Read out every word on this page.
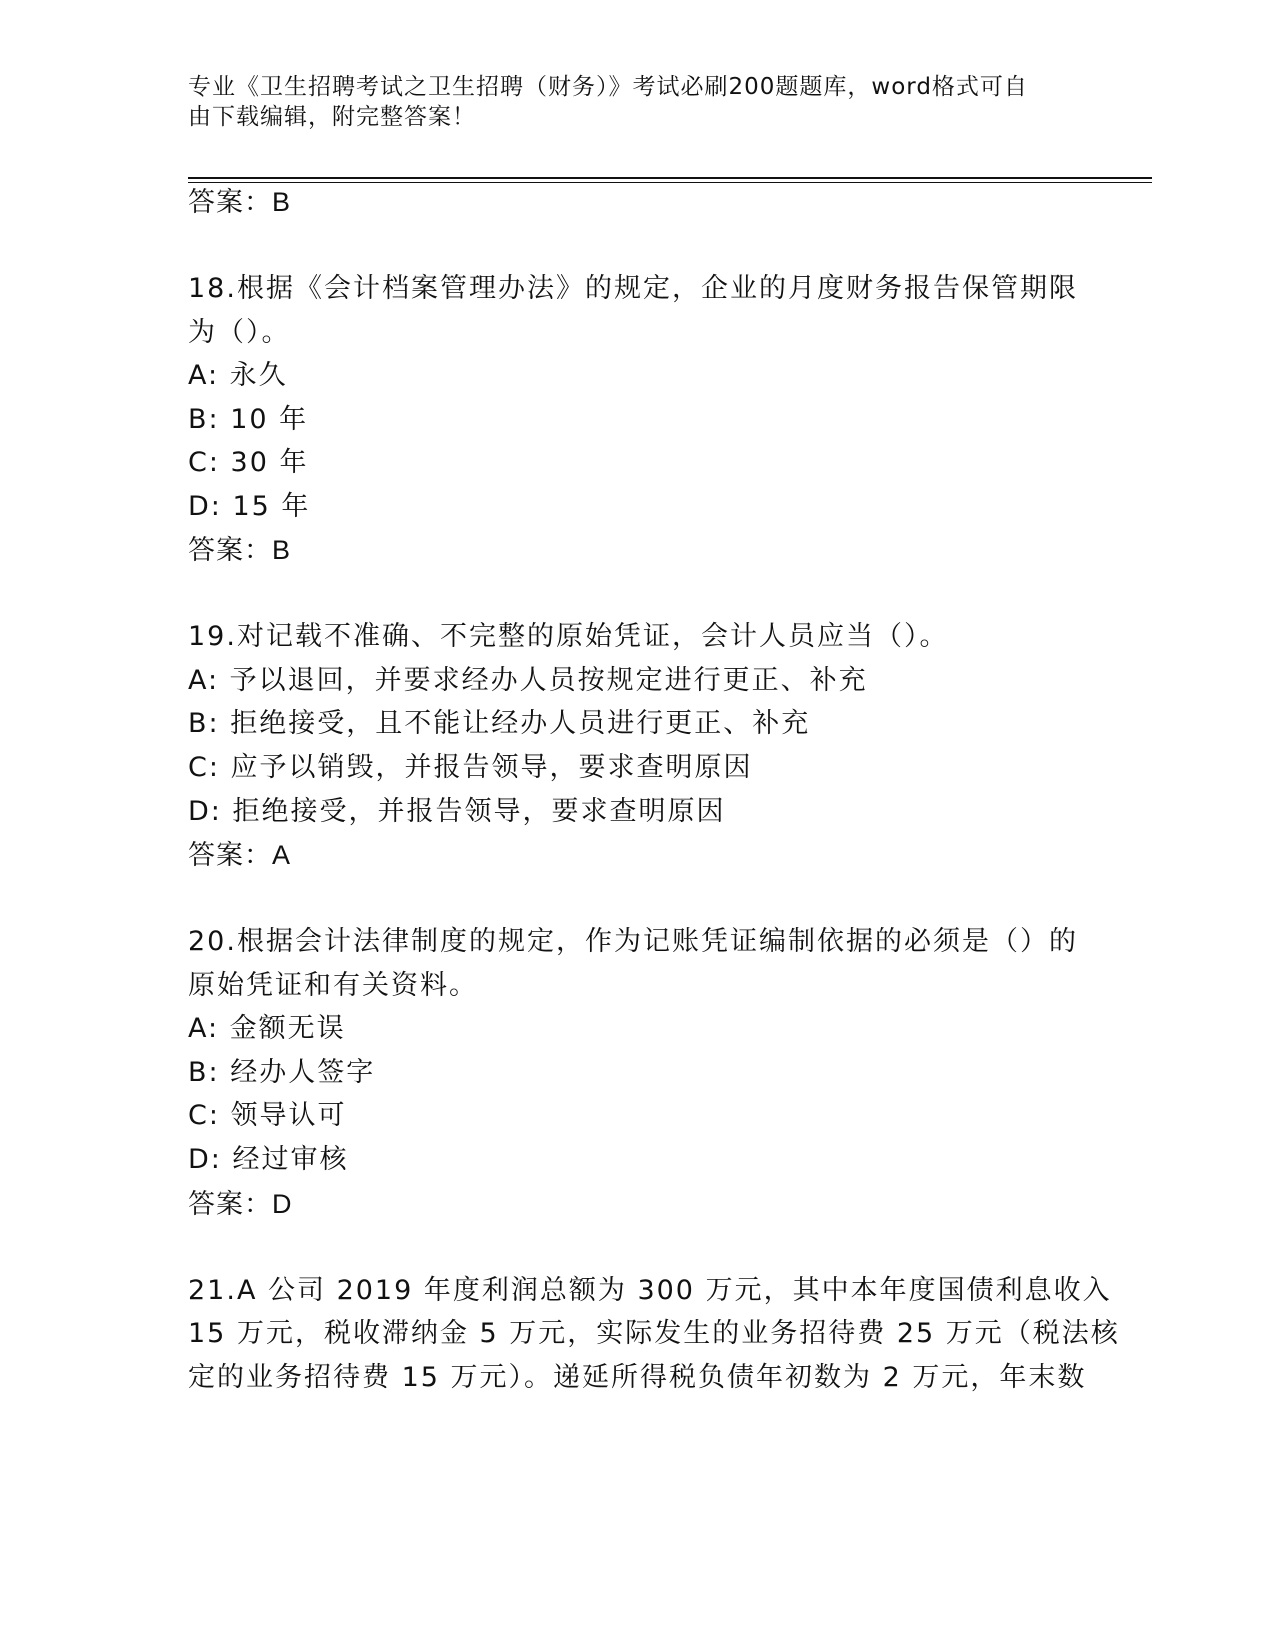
专业《卫生招聘考试之卫生招聘（财务）》考试必刷200题题库，word格式可自
由下载编辑，附完整答案！
答案：B
18.根据《会计档案管理办法》的规定，企业的月度财务报告保管期限
为（）。
A: 永久
B: 10 年
C: 30 年
D: 15 年
答案：B
19.对记载不准确、不完整的原始凭证，会计人员应当（）。
A: 予以退回，并要求经办人员按规定进行更正、补充
B: 拒绝接受，且不能让经办人员进行更正、补充
C: 应予以销毁，并报告领导，要求查明原因
D: 拒绝接受，并报告领导，要求查明原因
答案：A
20.根据会计法律制度的规定，作为记账凭证编制依据的必须是（）的
原始凭证和有关资料。
A: 金额无误
B: 经办人签字
C: 领导认可
D: 经过审核
答案：D
21.A 公司 2019 年度利润总额为 300 万元，其中本年度国债利息收入
15 万元，税收滞纳金 5 万元，实际发生的业务招待费 25 万元（税法核
定的业务招待费 15 万元）。递延所得税负债年初数为 2 万元，年末数
